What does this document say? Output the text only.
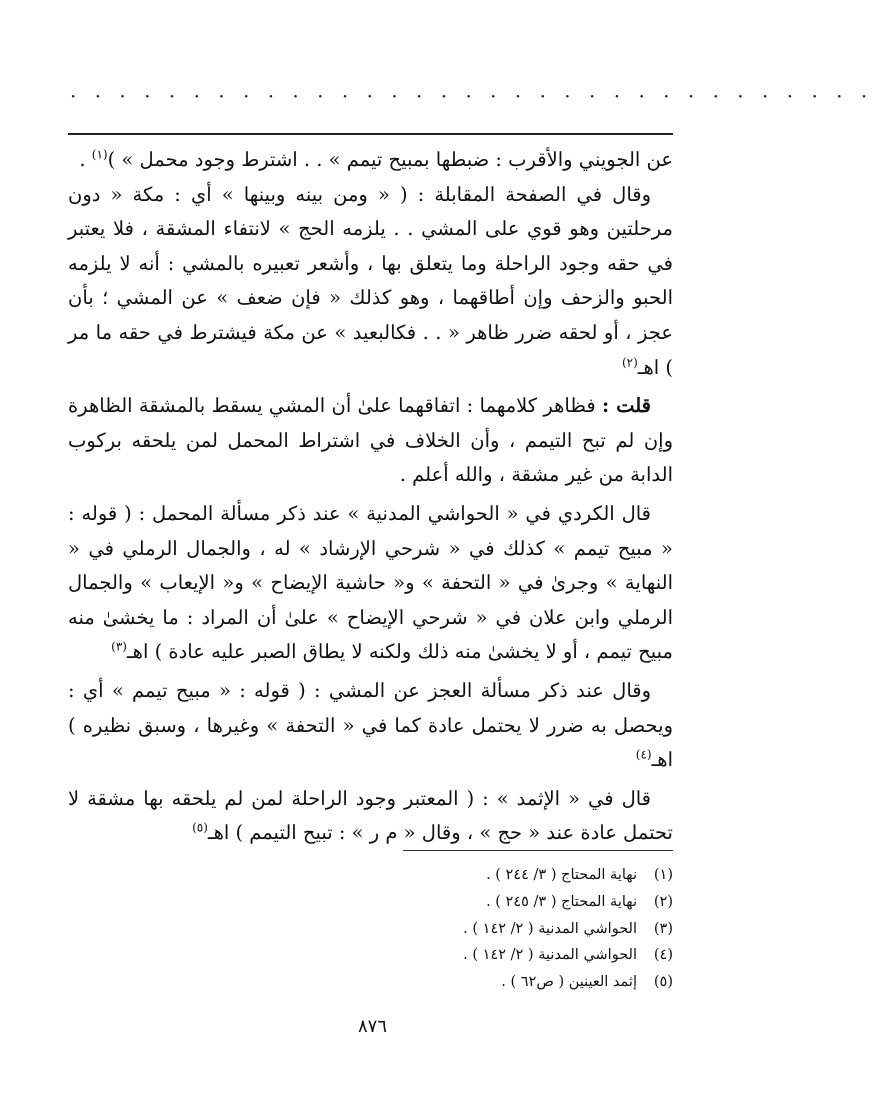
· · · · · · · · · · · · · · · · · · · · · · · · · · · · · · · · ·

عن الجويني والأقرب : ضبطها بمبيح تيمم » . . اشترط وجود محمل » )$^{(١)}$ .

وقال في الصفحة المقابلة : ( « ومن بينه وبينها » أي : مكة « دون مرحلتين وهو قوي على المشي . . يلزمه الحج » لانتفاء المشقة ، فلا يعتبر في حقه وجود الراحلة وما يتعلق بها ، وأشعر تعبيره بالمشي : أنه لا يلزمه الحبو والزحف وإن أطاقهما ، وهو كذلك « فإن ضعف » عن المشي ؛ بأن عجز ، أو لحقه ضرر ظاهر « . . فكالبعيد » عن مكة فيشترط في حقه ما مر ) اهـ$^{(٢)}$

قلت : فظاهر كلامهما : اتفاقهما علىٰ أن المشي يسقط بالمشقة الظاهرة وإن لم تبح التيمم ، وأن الخلاف في اشتراط المحمل لمن يلحقه بركوب الدابة من غير مشقة ، والله أعلم .

قال الكردي في « الحواشي المدنية » عند ذكر مسألة المحمل : ( قوله : « مبيح تيمم » كذلك في « شرحي الإرشاد » له ، والجمال الرملي في « النهاية » وجرىٰ في « التحفة » و« حاشية الإيضاح » و« الإيعاب » والجمال الرملي وابن علان في « شرحي الإيضاح » علىٰ أن المراد : ما يخشىٰ منه مبيح تيمم ، أو لا يخشىٰ منه ذلك ولكنه لا يطاق الصبر عليه عادة ) اهـ$^{(٣)}$

وقال عند ذكر مسألة العجز عن المشي : ( قوله : « مبيح تيمم » أي : ويحصل به ضرر لا يحتمل عادة كما في « التحفة » وغيرها ، وسبق نظيره ) اهـ$^{(٤)}$

قال في « الإثمد » : ( المعتبر وجود الراحلة لمن لم يلحقه بها مشقة لا تحتمل عادة عند « حج » ، وقال « م ر » : تبيح التيمم ) اهـ$^{(٥)}$

(١)
نهاية المحتاج ( ٣/ ٢٤٤ ) .
(٢)
نهاية المحتاج ( ٣/ ٢٤٥ ) .
(٣)
الحواشي المدنية ( ٢/ ١٤٢ ) .
(٤)
الحواشي المدنية ( ٢/ ١٤٢ ) .
(٥)
إثمد العينين ( ص٦٢ ) .
٨٧٦
